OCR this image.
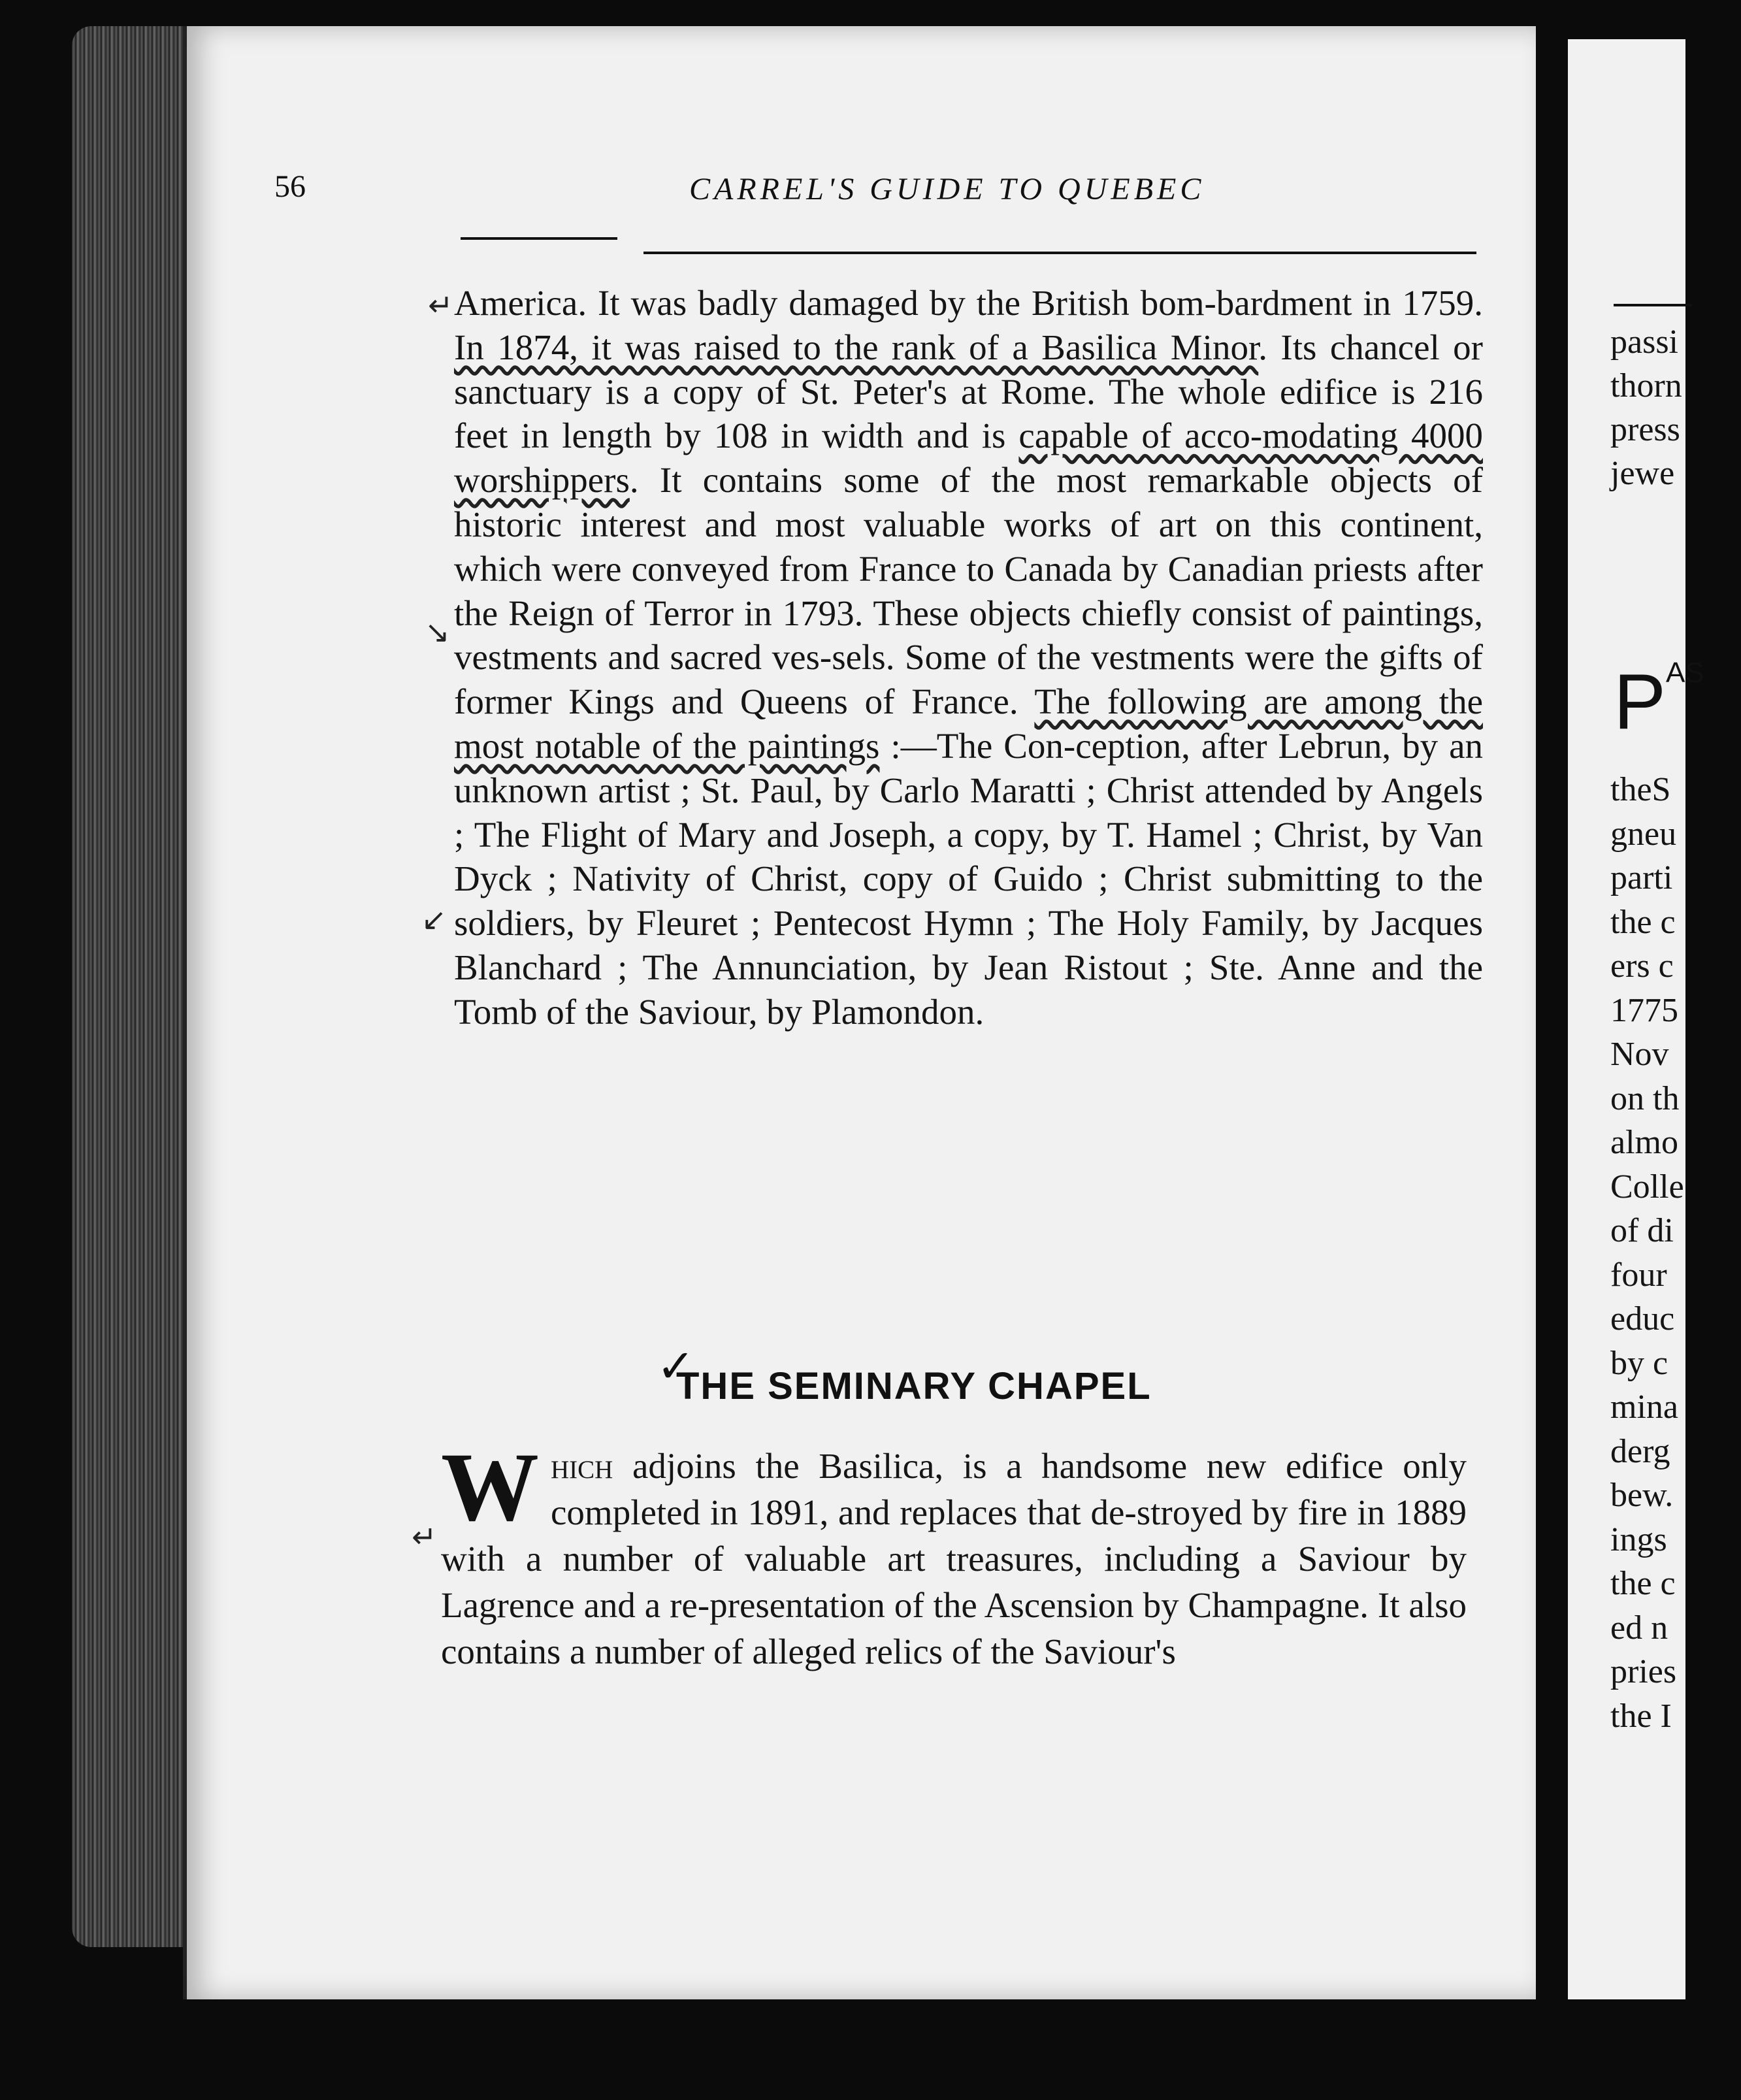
56	CARREL'S GUIDE TO QUEBEC
↵
↘
↙
↵
America. It was badly damaged by the British bom-bardment in 1759. In 1874, it was raised to the rank of a Basilica Minor. Its chancel or sanctuary is a copy of St. Peter's at Rome. The whole edifice is 216 feet in length by 108 in width and is capable of acco-modating 4000 worshippers. It contains some of the most remarkable objects of historic interest and most valuable works of art on this continent, which were conveyed from France to Canada by Canadian priests after the Reign of Terror in 1793. These objects chiefly consist of paintings, vestments and sacred ves-sels. Some of the vestments were the gifts of former Kings and Queens of France. The following are among the most notable of the paintings :—The Con-ception, after Lebrun, by an unknown artist ; St. Paul, by Carlo Maratti ; Christ attended by Angels ; The Flight of Mary and Joseph, a copy, by T. Hamel ; Christ, by Van Dyck ; Nativity of Christ, copy of Guido ; Christ submitting to the soldiers, by Fleuret ; Pentecost Hymn ; The Holy Family, by Jacques Blanchard ; The Annunciation, by Jean Ristout ; Ste. Anne and the Tomb of the Saviour, by Plamondon.
✓
THE SEMINARY CHAPEL
Which adjoins the Basilica, is a handsome new edifice only completed in 1891, and replaces that de-stroyed by fire in 1889 with a number of valuable art treasures, including a Saviour by Lagrence and a re-presentation of the Ascension by Champagne. It also contains a number of alleged relics of the Saviour's
passi
thorn
press
jewe
$P^{AS}$
theS
gneu
parti
the c
ers c
1775
Nov
on th
almo
Colle
of di
four
educ
by c
mina
derg
bew.
ings
the c
ed n
pries
the I
